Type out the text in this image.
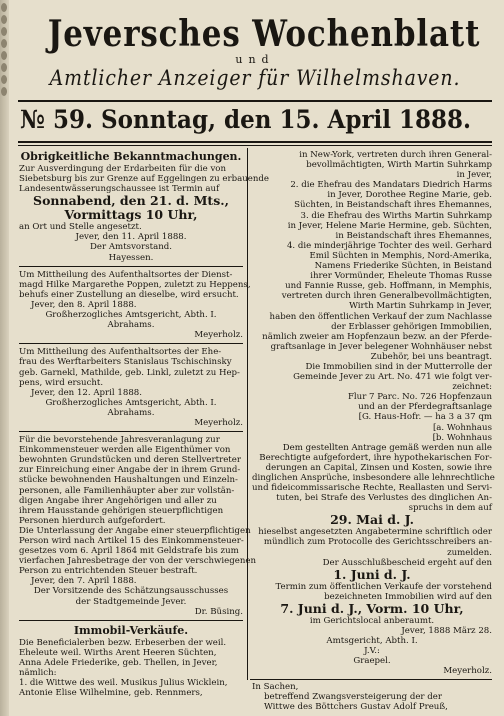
Jeversches Wochenblatt
und
Amtlicher Anzeiger für Wilhelmshaven.
№ 59. Sonntag, den 15. April 1888.
Obrigkeitliche Bekanntmachungen.
Zur Ausverdingung der Erdarbeiten für die von
Siebetsburg bis zur Grenze auf Eggelingen zu erbauende
Landesentwässerungschaussee ist Termin auf
Sonnabend, den 21. d. Mts.,
Vormittags 10 Uhr,
an Ort und Stelle angesetzt.
Jever, den 11. April 1888.
Der Amtsvorstand.
Hayessen.
Um Mittheilung des Aufenthaltsortes der Dienst-
magd Hilke Margarethe Poppen, zuletzt zu Heppens,
behufs einer Zustellung an dieselbe, wird ersucht.
Jever, den 8. April 1888.
Großherzogliches Amtsgericht, Abth. I.
Abrahams.
Meyerholz.
Um Mittheilung des Aufenthaltsortes der Ehe-
frau des Werftarbeiters Stanislaus Tschischinsky
geb. Garnekl, Mathilde, geb. Linkl, zuletzt zu Hep-
pens, wird ersucht.
Jever, den 12. April 1888.
Großherzogliches Amtsgericht, Abth. I.
Abrahams.
Meyerholz.
Für die bevorstehende Jahresveranlagung zur
Einkommensteuer werden alle Eigenthümer von
bewohnten Grundstücken und deren Stellvertreter
zur Einreichung einer Angabe der in ihrem Grund-
stücke bewohnenden Haushaltungen und Einzeln-
personen, alle Familienhäupter aber zur vollstän-
digen Angabe ihrer Angehörigen und aller zu
ihrem Hausstande gehörigen steuerpflichtigen
Personen hierdurch aufgefordert.
Die Unterlassung der Angabe einer steuerpflichtigen
Person wird nach Artikel 15 des Einkommensteuer-
gesetzes vom 6. April 1864 mit Geldstrafe bis zum
vierfachen Jahresbetrage der von der verschwiegenen
Person zu entrichtenden Steuer bestraft.
Jever, den 7. April 1888.
Der Vorsitzende des Schätzungsausschusses
der Stadtgemeinde Jever.
Dr. Büsing.
Immobil-Verkäufe.
Die Beneficialerben bezw. Erbeserben der weil.
Eheleute weil. Wirths Arent Heeren Süchten,
Anna Adele Friederike, geb. Thellen, in Jever,
nämlich:
1. die Wittwe des weil. Musikus Julius Wicklein,
Antonie Elise Wilhelmine, geb. Rennmers,
in New-York, vertreten durch ihren General-
bevollmächtigten, Wirth Martin Suhrkamp
in Jever,
2. die Ehefrau des Mandatars Diedrich Harms
in Jever, Dorothee Regine Marie, geb.
Süchten, in Beistandschaft ihres Ehemannes,
3. die Ehefrau des Wirths Martin Suhrkamp
in Jever, Helene Marie Hermine, geb. Süchten,
in Beistandschaft ihres Ehemannes,
4. die minderjährige Tochter des weil. Gerhard
Emil Süchten in Memphis, Nord-Amerika,
Namens Friederike Süchten, in Beistand
ihrer Vormünder, Eheleute Thomas Russe
und Fannie Russe, geb. Hoffmann, in Memphis,
vertreten durch ihren Generalbevollmächtigten,
Wirth Martin Suhrkamp in Jever,
haben den öffentlichen Verkauf der zum Nachlasse
der Erblasser gehörigen Immobilien,
nämlich zweier am Hopfenzaun bezw. an der Pferde-
graftsanlage in Jever belegener Wohnhäuser nebst
Zubehör, bei uns beantragt.
Die Immobilien sind in der Mutterrolle der
Gemeinde Jever zu Art. No. 471 wie folgt ver-
zeichnet:
Flur 7 Parc. No. 726 Hopfenzaun
und an der Pferdegraftsanlage
[G. Haus-Hofr. — ha 3 a 37 qm
[a. Wohnhaus
[b. Wohnhaus
Dem gestellten Antrage gemäß werden nun alle
Berechtigte aufgefordert, ihre hypothekarischen For-
derungen an Capital, Zinsen und Kosten, sowie ihre
dinglichen Ansprüche, insbesondere alle lehnrechtliche
und fideicommissarische Rechte, Reallasten und Servi-
tuten, bei Strafe des Verlustes des dinglichen An-
spruchs in dem auf
29. Mai d. J.
hieselbst angesetzten Angabetermine schriftlich oder
mündlich zum Protocolle des Gerichtsschreibers an-
zumelden.
Der Ausschlußbescheid ergeht auf den
1. Juni d. J.
Termin zum öffentlichen Verkaufe der vorstehend
bezeichneten Immobilien wird auf den
7. Juni d. J., Vorm. 10 Uhr,
im Gerichtslocal anberaumt.
Jever, 1888 März 28.
Amtsgericht, Abth. I.
J.V.:
Graepel.
Meyerholz.
In Sachen,
betreffend Zwangsversteigerung der der
Wittwe des Böttchers Gustav Adolf Preuß,
